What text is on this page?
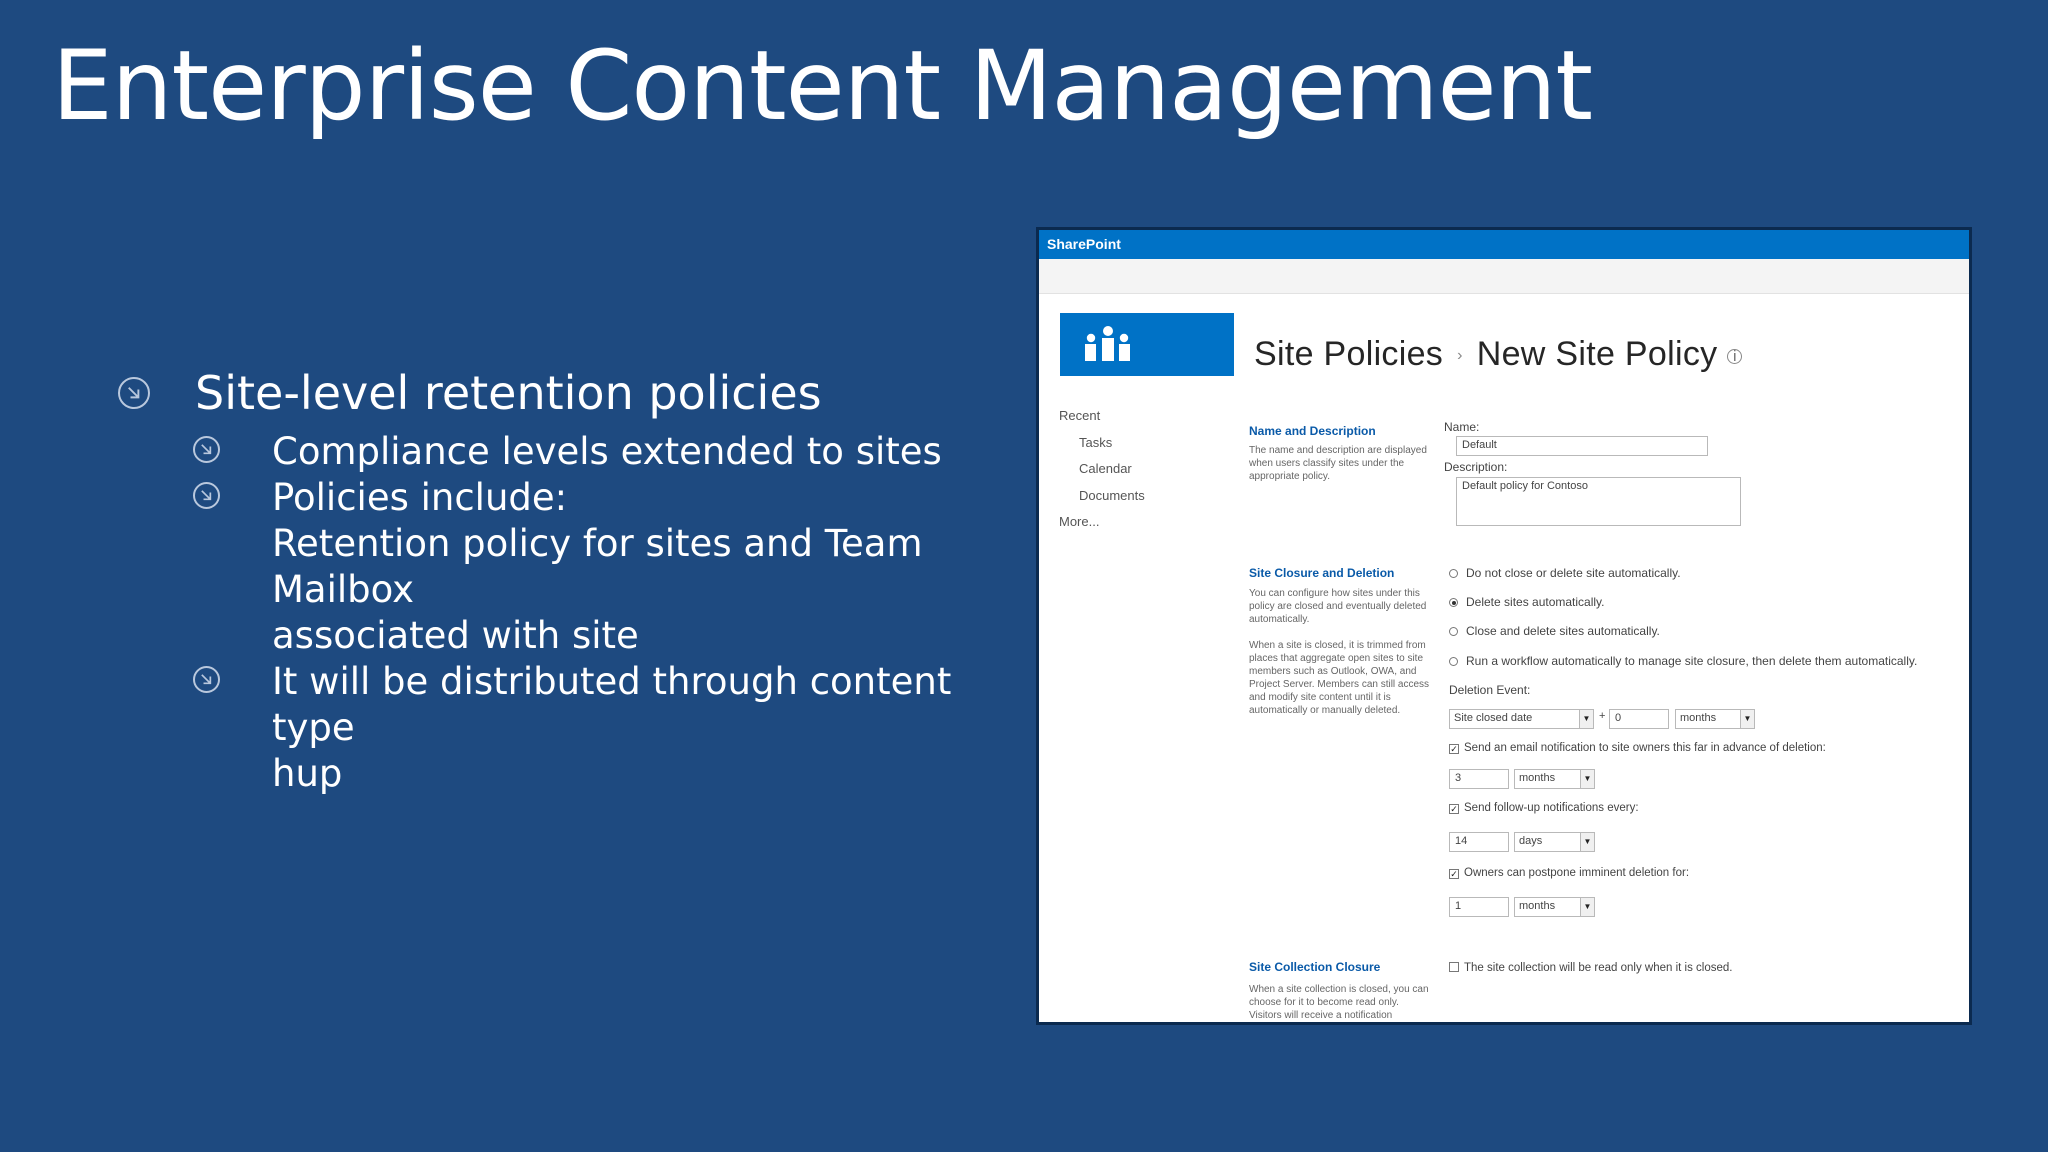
Enterprise Content Management
Site-level retention policies
Compliance levels extended to sites
Policies include:
Retention policy for sites and Team Mailbox
associated with site
It will be distributed through content type
hup
SharePoint
Site Policies › New Site Policy i
Recent
Tasks
Calendar
Documents
More...
Name and Description
The name and description are displayed when users classify sites under the appropriate policy.
Name:
Default
Description:
Default policy for Contoso
Site Closure and Deletion
You can configure how sites under this policy are closed and eventually deleted automatically.
When a site is closed, it is trimmed from places that aggregate open sites to site members such as Outlook, OWA, and Project Server. Members can still access and modify site content until it is automatically or manually deleted.
Do not close or delete site automatically.
Delete sites automatically.
Close and delete sites automatically.
Run a workflow automatically to manage site closure, then delete them automatically.
Deletion Event:
Site closed date	▼ + 0	months	▼
✓ Send an email notification to site owners this far in advance of deletion:
3	months	▼
✓ Send follow-up notifications every:
14	days	▼
✓ Owners can postpone imminent deletion for:
1	months	▼
Site Collection Closure
When a site collection is closed, you can choose for it to become read only. Visitors will receive a notification
The site collection will be read only when it is closed.
